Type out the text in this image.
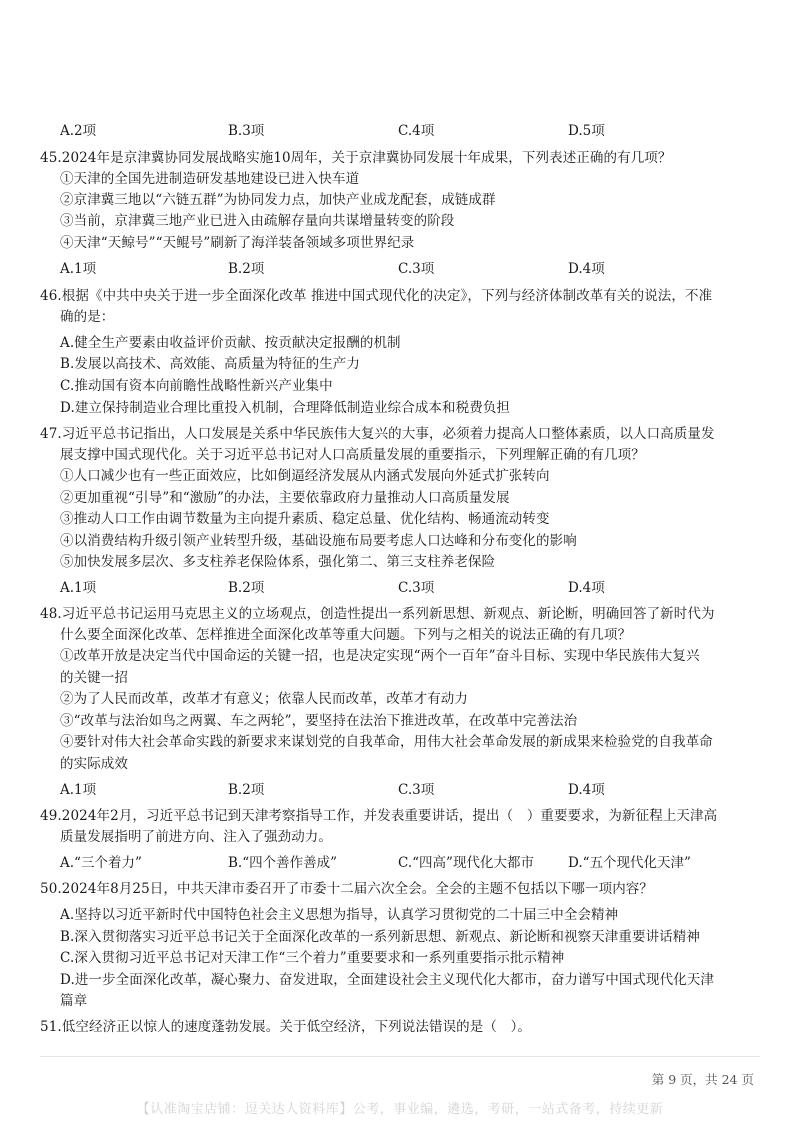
A.2项	B.3项	C.4项	D.5项
45.2024年是京津冀协同发展战略实施10周年，关于京津冀协同发展十年成果，下列表述正确的有几项？
①天津的全国先进制造研发基地建设已进入快车道
②京津冀三地以“六链五群”为协同发力点，加快产业成龙配套，成链成群
③当前，京津冀三地产业已进入由疏解存量向共谋增量转变的阶段
④天津“天鲸号”“天鲲号”刷新了海洋装备领域多项世界纪录
A.1项	B.2项	C.3项	D.4项
46.根据《中共中央关于进一步全面深化改革 推进中国式现代化的决定》，下列与经济体制改革有关的说法，不准
确的是：
A.健全生产要素由收益评价贡献、按贡献决定报酬的机制
B.发展以高技术、高效能、高质量为特征的生产力
C.推动国有资本向前瞻性战略性新兴产业集中
D.建立保持制造业合理比重投入机制，合理降低制造业综合成本和税费负担
47.习近平总书记指出，人口发展是关系中华民族伟大复兴的大事，必须着力提高人口整体素质，以人口高质量发
展支撑中国式现代化。关于习近平总书记对人口高质量发展的重要指示，下列理解正确的有几项？
①人口减少也有一些正面效应，比如倒逼经济发展从内涵式发展向外延式扩张转向
②更加重视“引导”和“激励”的办法，主要依靠政府力量推动人口高质量发展
③推动人口工作由调节数量为主向提升素质、稳定总量、优化结构、畅通流动转变
④以消费结构升级引领产业转型升级，基础设施布局要考虑人口达峰和分布变化的影响
⑤加快发展多层次、多支柱养老保险体系，强化第二、第三支柱养老保险
A.1项	B.2项	C.3项	D.4项
48.习近平总书记运用马克思主义的立场观点，创造性提出一系列新思想、新观点、新论断，明确回答了新时代为
什么要全面深化改革、怎样推进全面深化改革等重大问题。下列与之相关的说法正确的有几项？
①改革开放是决定当代中国命运的关键一招，也是决定实现“两个一百年”奋斗目标、实现中华民族伟大复兴
的关键一招
②为了人民而改革，改革才有意义；依靠人民而改革，改革才有动力
③“改革与法治如鸟之两翼、车之两轮”，要坚持在法治下推进改革，在改革中完善法治
④要针对伟大社会革命实践的新要求来谋划党的自我革命，用伟大社会革命发展的新成果来检验党的自我革命
的实际成效
A.1项	B.2项	C.3项	D.4项
49.2024年2月，习近平总书记到天津考察指导工作，并发表重要讲话，提出（　）重要要求，为新征程上天津高
质量发展指明了前进方向、注入了强劲动力。
A.“三个着力”	B.“四个善作善成”	C.“四高”现代化大都市	D.“五个现代化天津”
50.2024年8月25日，中共天津市委召开了市委十二届六次全会。全会的主题不包括以下哪一项内容？
A.坚持以习近平新时代中国特色社会主义思想为指导，认真学习贯彻党的二十届三中全会精神
B.深入贯彻落实习近平总书记关于全面深化改革的一系列新思想、新观点、新论断和视察天津重要讲话精神
C.深入贯彻习近平总书记对天津工作“三个着力”重要要求和一系列重要指示批示精神
D.进一步全面深化改革，凝心聚力、奋发进取，全面建设社会主义现代化大都市，奋力谱写中国式现代化天津
篇章
51.低空经济正以惊人的速度蓬勃发展。关于低空经济，下列说法错误的是（　）。
第 9 页，共 24 页
【认准淘宝店铺：逗关达人资料库】公考，事业编，遴选，考研，一站式备考，持续更新
